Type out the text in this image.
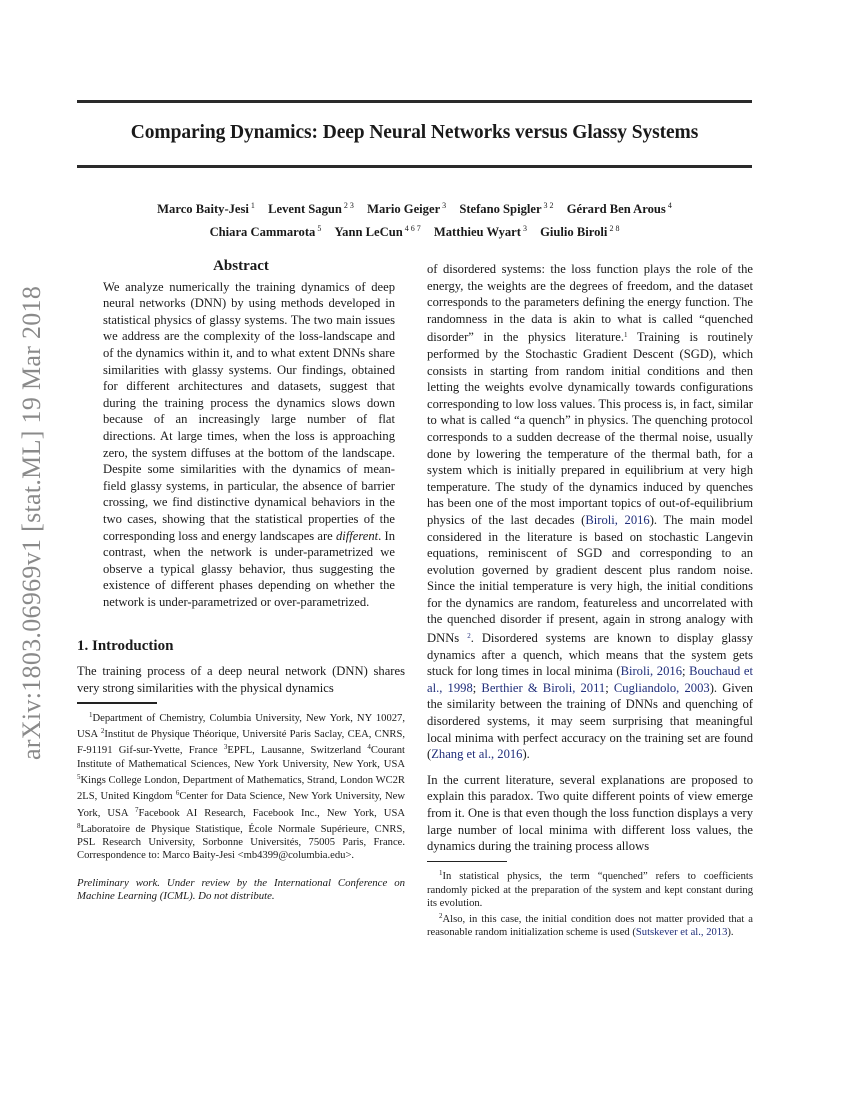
Comparing Dynamics: Deep Neural Networks versus Glassy Systems
Marco Baity-Jesi $^1$ Levent Sagun $^{2 3}$ Mario Geiger $^3$ Stefano Spigler $^{3 2}$ Gérard Ben Arous $^4$
Chiara Cammarota $^5$ Yann LeCun $^{4 6 7}$ Matthieu Wyart $^3$ Giulio Biroli $^{2 8}$
arXiv:1803.06969v1 [stat.ML] 19 Mar 2018
Abstract

We analyze numerically the training dynamics of deep neural networks (DNN) by using methods developed in statistical physics of glassy systems. The two main issues we address are the complexity of the loss-landscape and of the dynamics within it, and to what extent DNNs share similarities with glassy systems. Our findings, obtained for different architectures and datasets, suggest that during the training process the dynamics slows down because of an increasingly large number of flat directions. At large times, when the loss is approaching zero, the system diffuses at the bottom of the landscape. Despite some similarities with the dynamics of mean-field glassy systems, in particular, the absence of barrier crossing, we find distinctive dynamical behaviors in the two cases, showing that the statistical properties of the corresponding loss and energy landscapes are different. In contrast, when the network is under-parametrized we observe a typical glassy behavior, thus suggesting the existence of different phases depending on whether the network is under-parametrized or over-parametrized.

1. Introduction

The training process of a deep neural network (DNN) shares very strong similarities with the physical dynamics

$^1$Department of Chemistry, Columbia University, New York, NY 10027, USA $^2$Institut de Physique Théorique, Université Paris Saclay, CEA, CNRS, F-91191 Gif-sur-Yvette, France $^3$EPFL, Lausanne, Switzerland $^4$Courant Institute of Mathematical Sciences, New York University, New York, USA $^5$Kings College London, Department of Mathematics, Strand, London WC2R 2LS, United Kingdom $^6$Center for Data Science, New York University, New York, USA $^7$Facebook AI Research, Facebook Inc., New York, USA $^8$Laboratoire de Physique Statistique, École Normale Supérieure, CNRS, PSL Research University, Sorbonne Universités, 75005 Paris, France. Correspondence to: Marco Baity-Jesi <mb4399@columbia.edu>.

Preliminary work. Under review by the International Conference on Machine Learning (ICML). Do not distribute.

of disordered systems: the loss function plays the role of the energy, the weights are the degrees of freedom, and the dataset corresponds to the parameters defining the energy function. The randomness in the data is akin to what is called “quenched disorder” in the physics literature.$^1$ Training is routinely performed by the Stochastic Gradient Descent (SGD), which consists in starting from random initial conditions and then letting the weights evolve dynamically towards configurations corresponding to low loss values. This process is, in fact, similar to what is called “a quench” in physics. The quenching protocol corresponds to a sudden decrease of the thermal noise, usually done by lowering the temperature of the thermal bath, for a system which is initially prepared in equilibrium at very high temperature. The study of the dynamics induced by quenches has been one of the most important topics of out-of-equilibrium physics of the last decades (Biroli, 2016). The main model considered in the literature is based on stochastic Langevin equations, reminiscent of SGD and corresponding to an evolution governed by gradient descent plus random noise. Since the initial temperature is very high, the initial conditions for the dynamics are random, featureless and uncorrelated with the quenched disorder if present, again in strong analogy with DNNs $^2$. Disordered systems are known to display glassy dynamics after a quench, which means that the system gets stuck for long times in local minima (Biroli, 2016; Bouchaud et al., 1998; Berthier & Biroli, 2011; Cugliandolo, 2003). Given the similarity between the training of DNNs and quenching of disordered systems, it may seem surprising that meaningful local minima with perfect accuracy on the training set are found (Zhang et al., 2016).

In the current literature, several explanations are proposed to explain this paradox. Two quite different points of view emerge from it. One is that even though the loss function displays a very large number of local minima with different loss values, the dynamics during the training process allows

$^1$In statistical physics, the term “quenched” refers to coefficients randomly picked at the preparation of the system and kept constant during its evolution.

$^2$Also, in this case, the initial condition does not matter provided that a reasonable random initialization scheme is used (Sutskever et al., 2013).
